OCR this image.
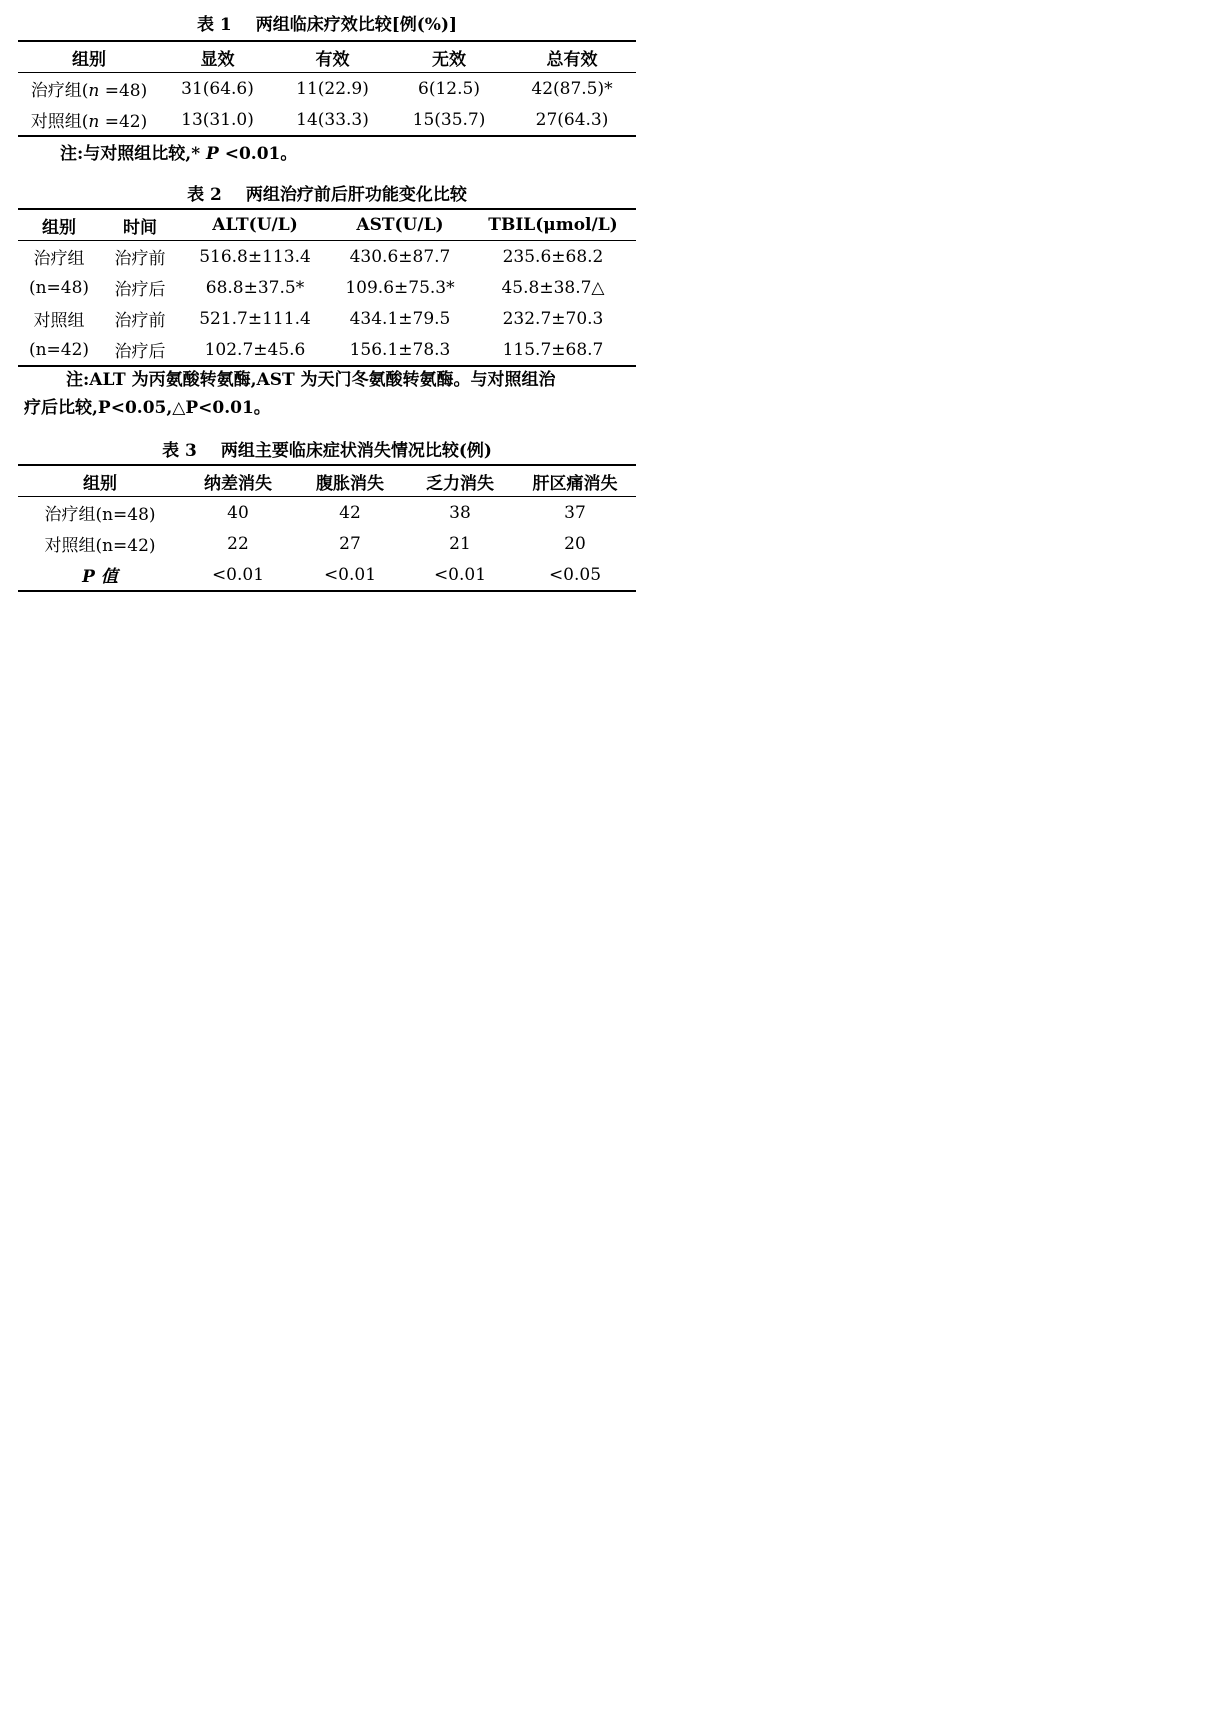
表 1 两组临床疗效比较[例(%)]
组别	显效	有效	无效	总有效
治疗组(n =48)	31(64.6)	11(22.9)	6(12.5)	42(87.5)*
对照组(n =42)	13(31.0)	14(33.3)	15(35.7)	27(64.3)
注:与对照组比较,* P <0.01。
表 2 两组治疗前后肝功能变化比较
组别	时间	ALT(U/L)	AST(U/L)	TBIL(μmol/L)
治疗组	治疗前	516.8±113.4	430.6±87.7	235.6±68.2
(n=48)	治疗后	68.8±37.5*	109.6±75.3*	45.8±38.7△
对照组	治疗前	521.7±111.4	434.1±79.5	232.7±70.3
(n=42)	治疗后	102.7±45.6	156.1±78.3	115.7±68.7
注:ALT 为丙氨酸转氨酶,AST 为天门冬氨酸转氨酶。与对照组治
疗后比较,P<0.05,△P<0.01。
表 3 两组主要临床症状消失情况比较(例)
组别	纳差消失	腹胀消失	乏力消失	肝区痛消失
治疗组(n=48)	40	42	38	37
对照组(n=42)	22	27	21	20
P 值	<0.01	<0.01	<0.01	<0.05
